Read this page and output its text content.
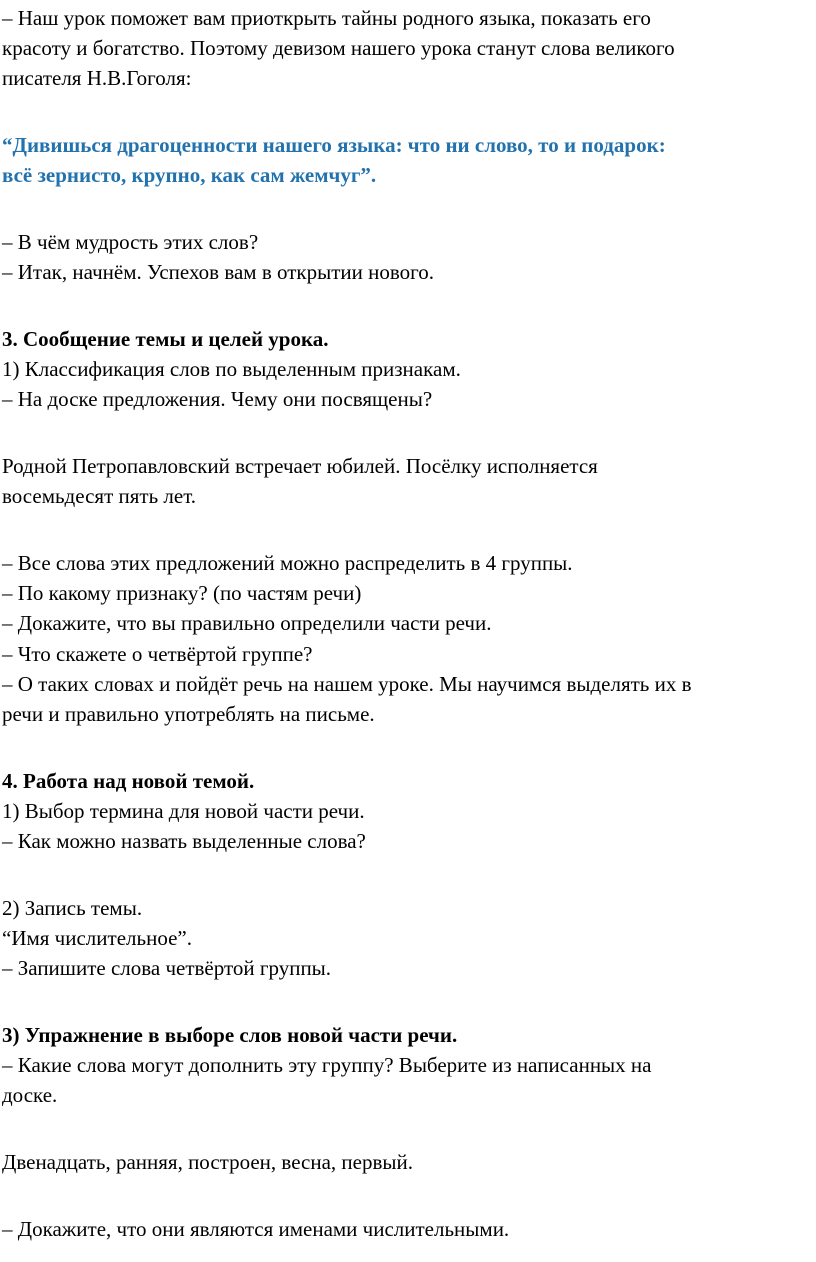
– Наш урок поможет вам приоткрыть тайны родного языка, показать его
красоту и богатство. Поэтому девизом нашего урока станут слова великого
писателя Н.В.Гоголя:
“Дивишься драгоценности нашего языка: что ни слово, то и подарок:
всё зернисто, крупно, как сам жемчуг”.
– В чём мудрость этих слов?
– Итак, начнём. Успехов вам в открытии нового.
3. Сообщение темы и целей урока.
1) Классификация слов по выделенным признакам.
– На доске предложения. Чему они посвящены?
Родной Петропавловский встречает юбилей. Посёлку исполняется
восемьдесят пять лет.
– Все слова этих предложений можно распределить в 4 группы.
– По какому признаку? (по частям речи)
– Докажите, что вы правильно определили части речи.
– Что скажете о четвёртой группе?
– О таких словах и пойдёт речь на нашем уроке. Мы научимся выделять их в
речи и правильно употреблять на письме.
4. Работа над новой темой.
1) Выбор термина для новой части речи.
– Как можно назвать выделенные слова?
2) Запись темы.
“Имя числительное”.
– Запишите слова четвёртой группы.
3) Упражнение в выборе слов новой части речи.
– Какие слова могут дополнить эту группу? Выберите из написанных на
доске.
Двенадцать, ранняя, построен, весна, первый.
– Докажите, что они являются именами числительными.
